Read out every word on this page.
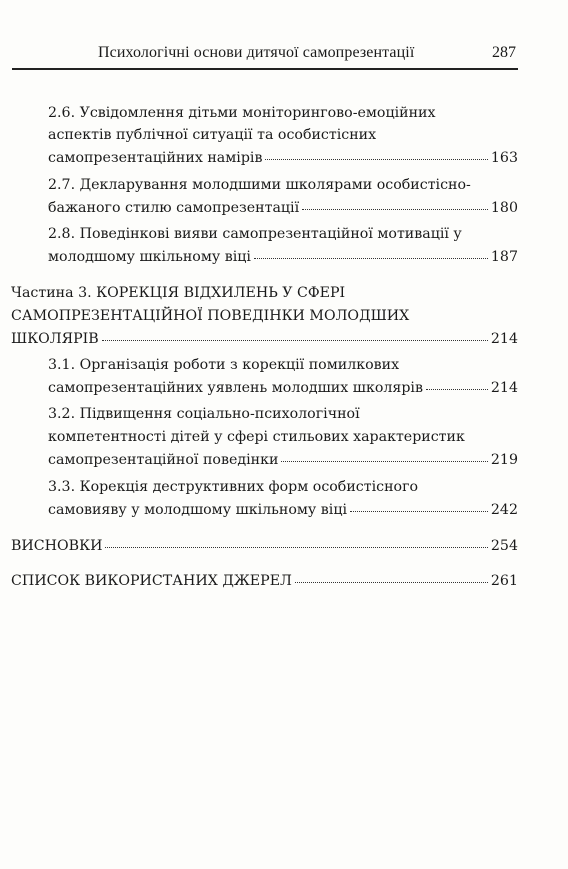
Психологічні основи дитячої самопрезентації	287
2.6. Усвідомлення дітьми моніторингово-емоційних
аспектів публічної ситуації та особистісних
самопрезентаційних намірів	163
2.7. Декларування молодшими школярами особистісно-
бажаного стилю самопрезентації	180
2.8. Поведінкові вияви самопрезентаційної мотивації у
молодшому шкільному віці	187
Частина 3. КОРЕКЦІЯ ВІДХИЛЕНЬ У СФЕРІ
САМОПРЕЗЕНТАЦІЙНОЇ ПОВЕДІНКИ МОЛОДШИХ
ШКОЛЯРІВ	214
3.1. Організація роботи з корекції помилкових
самопрезентаційних уявлень молодших школярів	214
3.2. Підвищення соціально-психологічної
компетентності дітей у сфері стильових характеристик
самопрезентаційної поведінки	219
3.3. Корекція деструктивних форм особистісного
самовияву у молодшому шкільному віці	242
ВИСНОВКИ	254
СПИСОК ВИКОРИСТАНИХ ДЖЕРЕЛ	261
